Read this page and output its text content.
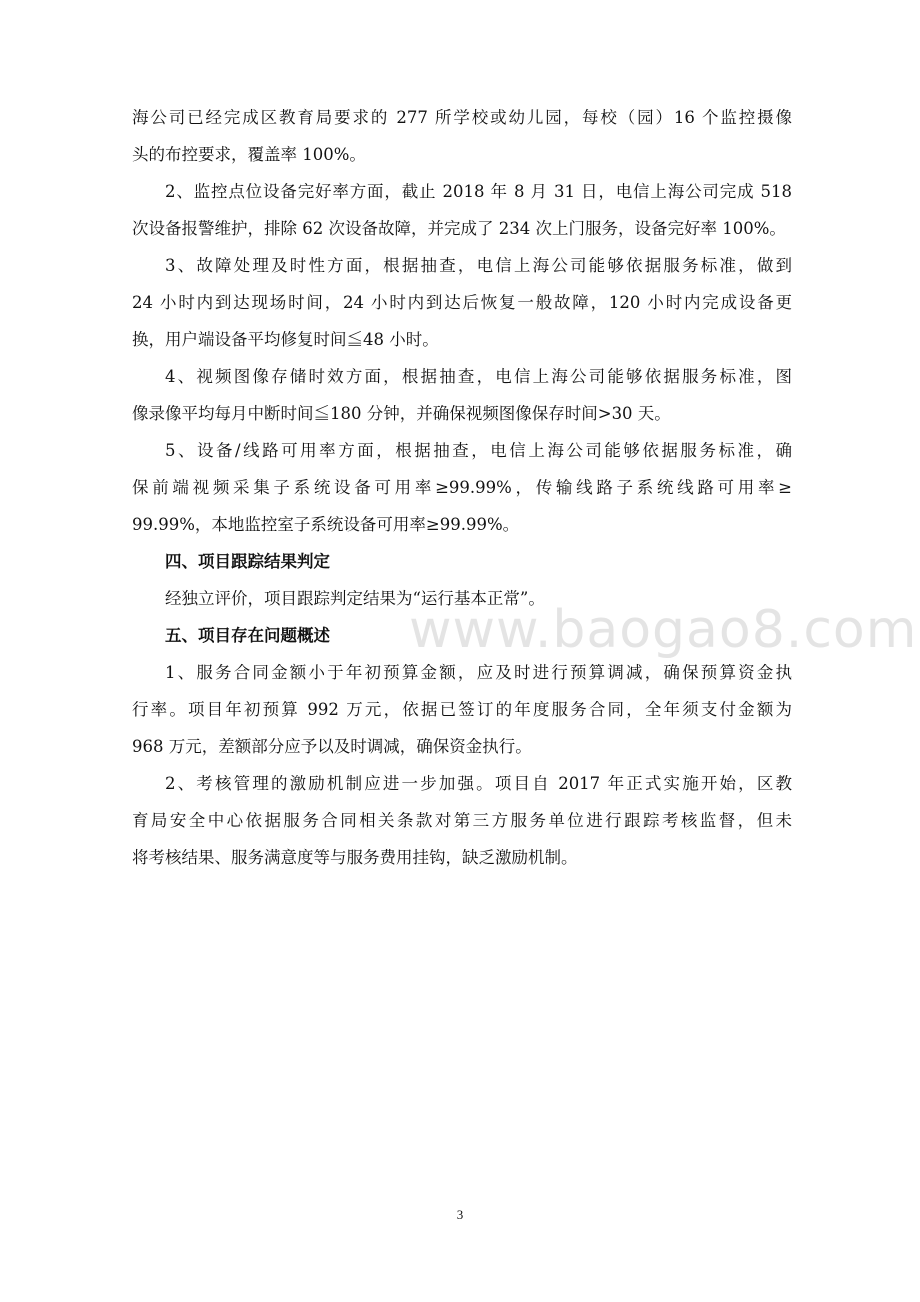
www.baogao8.com
海公司已经完成区教育局要求的 277 所学校或幼儿园，每校（园）16 个监控摄像
头的布控要求，覆盖率 100%。
2、监控点位设备完好率方面，截止 2018 年 8 月 31 日，电信上海公司完成 518
次设备报警维护，排除 62 次设备故障，并完成了 234 次上门服务，设备完好率 100%。
3、故障处理及时性方面，根据抽查，电信上海公司能够依据服务标准，做到
24 小时内到达现场时间，24 小时内到达后恢复一般故障，120 小时内完成设备更
换，用户端设备平均修复时间≦48 小时。
4、视频图像存储时效方面，根据抽查，电信上海公司能够依据服务标准，图
像录像平均每月中断时间≦180 分钟，并确保视频图像保存时间>30 天。
5、设备/线路可用率方面，根据抽查，电信上海公司能够依据服务标准，确
保前端视频采集子系统设备可用率≥99.99%，传输线路子系统线路可用率≥
99.99%，本地监控室子系统设备可用率≥99.99%。
四、项目跟踪结果判定
经独立评价，项目跟踪判定结果为“运行基本正常”。
五、项目存在问题概述
1、服务合同金额小于年初预算金额，应及时进行预算调减，确保预算资金执
行率。项目年初预算 992 万元，依据已签订的年度服务合同，全年须支付金额为
968 万元，差额部分应予以及时调减，确保资金执行。
2、考核管理的激励机制应进一步加强。项目自 2017 年正式实施开始，区教
育局安全中心依据服务合同相关条款对第三方服务单位进行跟踪考核监督，但未
将考核结果、服务满意度等与服务费用挂钩，缺乏激励机制。
3
